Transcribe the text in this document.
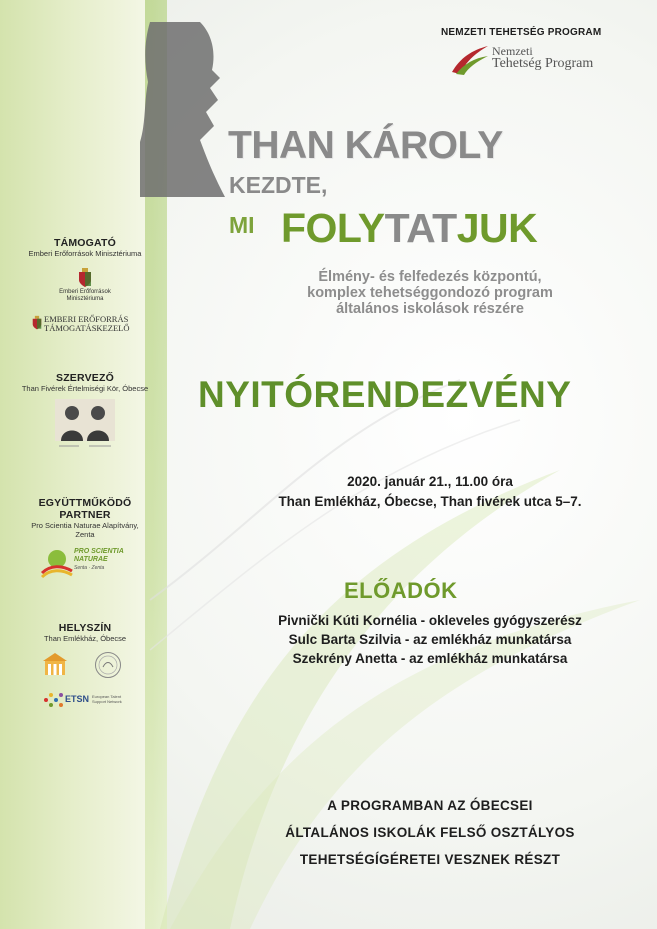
NEMZETI TEHETSÉG PROGRAM
Nemzeti
Tehetség Program
THAN KÁROLY
KEZDTE,
MI FOLYTATJUK
Élmény- és felfedezés központú,
komplex tehetséggondozó program
általános iskolások részére
NYITÓRENDEZVÉNY
2020. január 21., 11.00 óra
Than Emlékház, Óbecse, Than fivérek utca 5–7.
ELŐADÓK
Pivnički Kúti Kornélia - okleveles gyógyszerész
Sulc Barta Szilvia - az emlékház munkatársa
Szekrény Anetta - az emlékház munkatársa
A PROGRAMBAN AZ ÓBECSEI
ÁLTALÁNOS ISKOLÁK FELSŐ OSZTÁLYOS
TEHETSÉGÍGÉRETEI VESZNEK RÉSZT
TÁMOGATÓ
Emberi Erőforrások Minisztériuma
Emberi Erőforrások
Minisztériuma
EMBERI ERŐFORRÁS
TÁMOGATÁSKEZELŐ
SZERVEZŐ
Than Fivérek Értelmiségi Kör, Óbecse
EGYÜTTMŰKÖDŐ
PARTNER
Pro Scientia Naturae Alapítvány,
Zenta
PRO SCIENTIA
NATURAE
Senta · Zenta
HELYSZÍN
Than Emlékház, Óbecse
ETSN European Talent Support Network
